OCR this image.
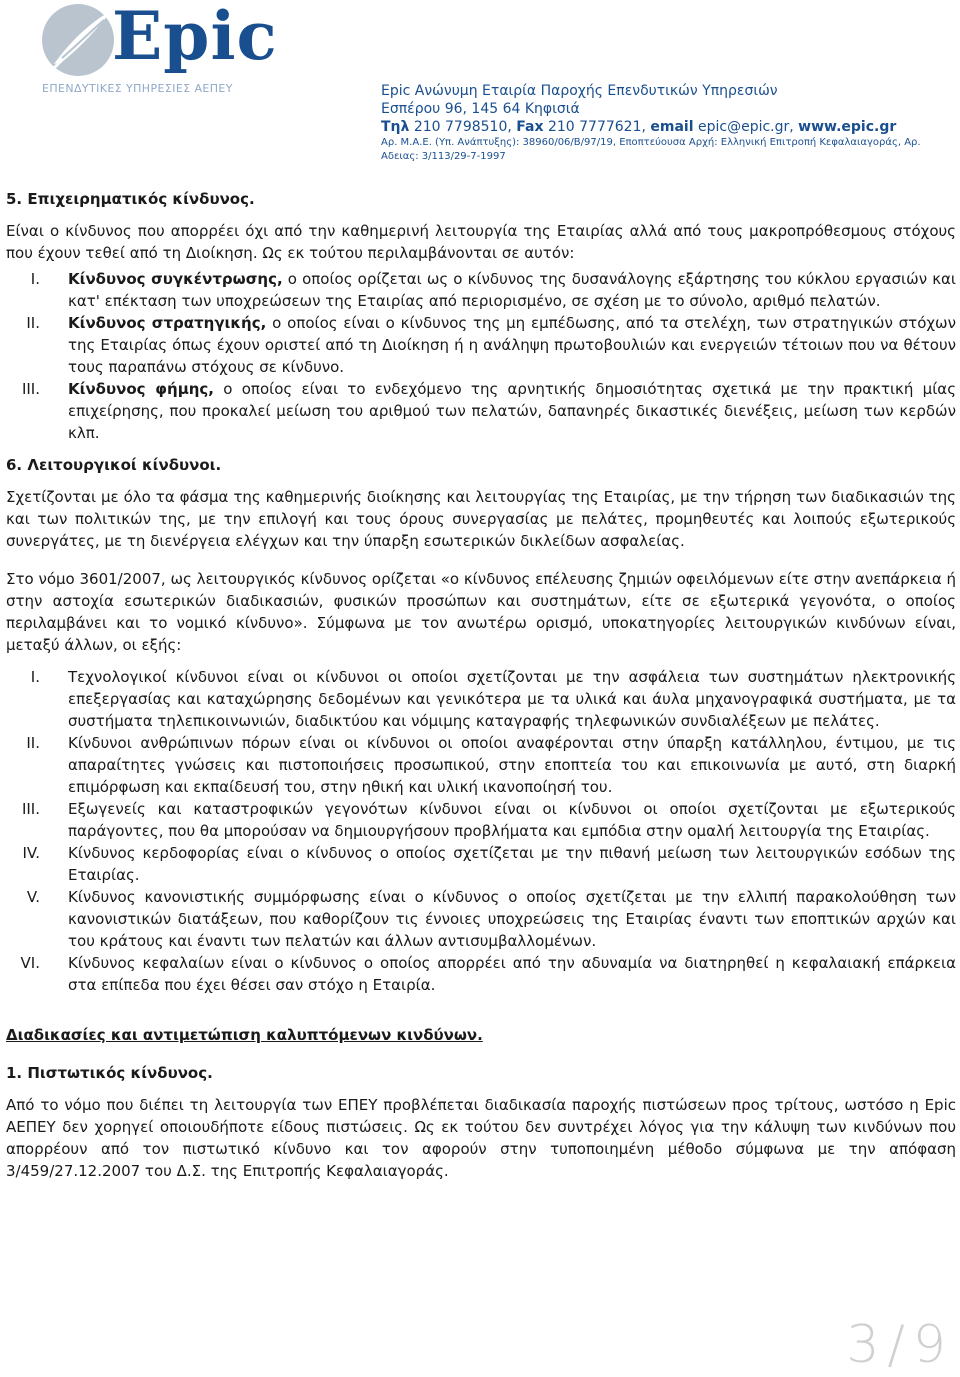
Epic
ΕΠΕΝΔΥΤΙΚΕΣ ΥΠΗΡΕΣΙΕΣ ΑΕΠΕΥ	Epic Ανώνυμη Εταιρία Παροχής Επενδυτικών Υπηρεσιών
Εσπέρου 96, 145 64 Κηφισιά
Τηλ 210 7798510, Fax 210 7777621, email epic@epic.gr, www.epic.gr
Αρ. Μ.Α.Ε. (Υπ. Ανάπτυξης): 38960/06/Β/97/19, Εποπτεύουσα Αρχή: Ελληνική Επιτροπή Κεφαλαιαγοράς, Αρ. Αδειας: 3/113/29-7-1997
5. Επιχειρηματικός κίνδυνος.

Είναι ο κίνδυνος που απορρέει όχι από την καθημερινή λειτουργία της Εταιρίας αλλά από τους μακροπρόθεσμους στόχους που έχουν τεθεί από τη Διοίκηση. Ως εκ τούτου περιλαμβάνονται σε αυτόν:

I. Κίνδυνος συγκέντρωσης, ο οποίος ορίζεται ως ο κίνδυνος της δυσανάλογης εξάρτησης του κύκλου εργασιών και κατ' επέκταση των υποχρεώσεων της Εταιρίας από περιορισμένο, σε σχέση με το σύνολο, αριθμό πελατών.
II. Κίνδυνος στρατηγικής, ο οποίος είναι ο κίνδυνος της μη εμπέδωσης, από τα στελέχη, των στρατηγικών στόχων της Εταιρίας όπως έχουν οριστεί από τη Διοίκηση ή η ανάληψη πρωτοβουλιών και ενεργειών τέτοιων που να θέτουν τους παραπάνω στόχους σε κίνδυνο.
III. Κίνδυνος φήμης, ο οποίος είναι το ενδεχόμενο της αρνητικής δημοσιότητας σχετικά με την πρακτική μίας επιχείρησης, που προκαλεί μείωση του αριθμού των πελατών, δαπανηρές δικαστικές διενέξεις, μείωση των κερδών κλπ.
6. Λειτουργικοί κίνδυνοι.

Σχετίζονται με όλο τα φάσμα της καθημερινής διοίκησης και λειτουργίας της Εταιρίας, με την τήρηση των διαδικασιών της και των πολιτικών της, με την επιλογή και τους όρους συνεργασίας με πελάτες, προμηθευτές και λοιπούς εξωτερικούς συνεργάτες, με τη διενέργεια ελέγχων και την ύπαρξη εσωτερικών δικλείδων ασφαλείας.

Στο νόμο 3601/2007, ως λειτουργικός κίνδυνος ορίζεται «ο κίνδυνος επέλευσης ζημιών οφειλόμενων είτε στην ανεπάρκεια ή στην αστοχία εσωτερικών διαδικασιών, φυσικών προσώπων και συστημάτων, είτε σε εξωτερικά γεγονότα, ο οποίος περιλαμβάνει και το νομικό κίνδυνο». Σύμφωνα με τον ανωτέρω ορισμό, υποκατηγορίες λειτουργικών κινδύνων είναι, μεταξύ άλλων, οι εξής:

I. Τεχνολογικοί κίνδυνοι είναι οι κίνδυνοι οι οποίοι σχετίζονται με την ασφάλεια των συστημάτων ηλεκτρονικής επεξεργασίας και καταχώρησης δεδομένων και γενικότερα με τα υλικά και άυλα μηχανογραφικά συστήματα, με τα συστήματα τηλεπικοινωνιών, διαδικτύου και νόμιμης καταγραφής τηλεφωνικών συνδιαλέξεων με πελάτες.
II. Κίνδυνοι ανθρώπινων πόρων είναι οι κίνδυνοι οι οποίοι αναφέρονται στην ύπαρξη κατάλληλου, έντιμου, με τις απαραίτητες γνώσεις και πιστοποιήσεις προσωπικού, στην εποπτεία του και επικοινωνία με αυτό, στη διαρκή επιμόρφωση και εκπαίδευσή του, στην ηθική και υλική ικανοποίησή του.
III. Εξωγενείς και καταστροφικών γεγονότων κίνδυνοι είναι οι κίνδυνοι οι οποίοι σχετίζονται με εξωτερικούς παράγοντες, που θα μπορούσαν να δημιουργήσουν προβλήματα και εμπόδια στην ομαλή λειτουργία της Εταιρίας.
IV. Κίνδυνος κερδοφορίας είναι ο κίνδυνος ο οποίος σχετίζεται με την πιθανή μείωση των λειτουργικών εσόδων της Εταιρίας.
V. Κίνδυνος κανονιστικής συμμόρφωσης είναι ο κίνδυνος ο οποίος σχετίζεται με την ελλιπή παρακολούθηση των κανονιστικών διατάξεων, που καθορίζουν τις έννοιες υποχρεώσεις της Εταιρίας έναντι των εποπτικών αρχών και του κράτους και έναντι των πελατών και άλλων αντισυμβαλλομένων.
VI. Κίνδυνος κεφαλαίων είναι ο κίνδυνος ο οποίος απορρέει από την αδυναμία να διατηρηθεί η κεφαλαιακή επάρκεια στα επίπεδα που έχει θέσει σαν στόχο η Εταιρία.
Διαδικασίες και αντιμετώπιση καλυπτόμενων κινδύνων.
1. Πιστωτικός κίνδυνος.

Από το νόμο που διέπει τη λειτουργία των ΕΠΕΥ προβλέπεται διαδικασία παροχής πιστώσεων προς τρίτους, ωστόσο η Epic ΑΕΠΕΥ δεν χορηγεί οποιουδήποτε είδους πιστώσεις. Ως εκ τούτου δεν συντρέχει λόγος για την κάλυψη των κινδύνων που απορρέουν από τον πιστωτικό κίνδυνο και τον αφορούν στην τυποποιημένη μέθοδο σύμφωνα με την απόφαση 3/459/27.12.2007 του Δ.Σ. της Επιτροπής Κεφαλαιαγοράς.

3/9
